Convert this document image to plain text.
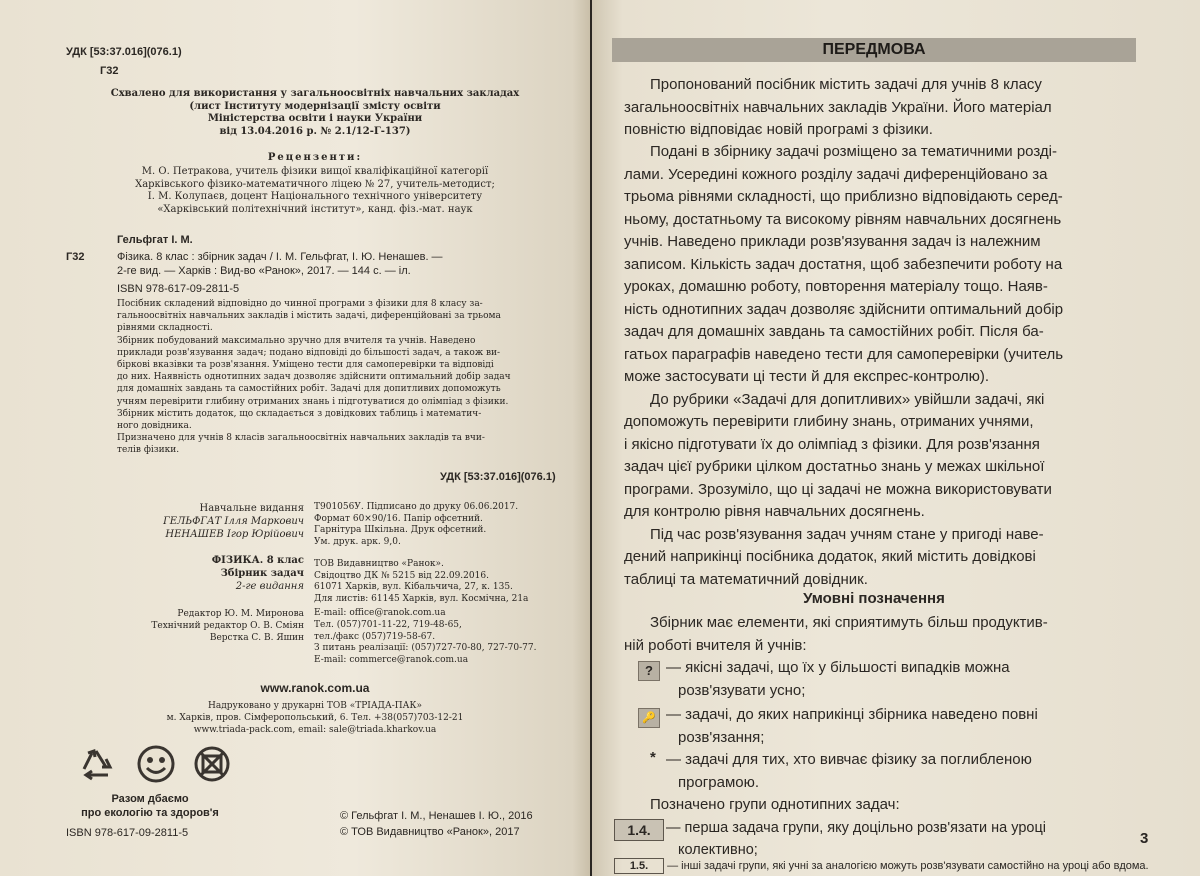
УДК [53:37.016](076.1)
Г32
Схвалено для використання у загальноосвітніх навчальних закладах
(лист Інституту модернізації змісту освіти
Міністерства освіти і науки України
від 13.04.2016 р. № 2.1/12-Г-137)
Рецензенти:
М. О. Петракова, учитель фізики вищої кваліфікаційної категорії
Харківського фізико-математичного ліцею № 27, учитель-методист;
І. М. Колупаєв, доцент Національного технічного університету
«Харківський політехнічний інститут», канд. фіз.-мат. наук
Гельфгат І. М.
Г32	Фізика. 8 клас : збірник задач / І. М. Гельфгат, І. Ю. Ненашев. —
2-ге вид. — Харків : Вид-во «Ранок», 2017. — 144 с. — іл.
ISBN 978-617-09-2811-5
Посібник складений відповідно до чинної програми з фізики для 8 класу за-
гальноосвітніх навчальних закладів і містить задачі, диференційовані за трьома
рівнями складності.
Збірник побудований максимально зручно для вчителя та учнів. Наведено
приклади розв'язування задач; подано відповіді до більшості задач, а також ви-
біркові вказівки та розв'язання. Уміщено тести для самоперевірки та відповіді
до них. Наявність однотипних задач дозволяє здійснити оптимальний добір задач
для домашніх завдань та самостійних робіт. Задачі для допитливих допоможуть
учням перевірити глибину отриманих знань і підготуватися до олімпіад з фізики.
Збірник містить додаток, що складається з довідкових таблиць і математич-
ного довідника.
Призначено для учнів 8 класів загальноосвітніх навчальних закладів та вчи-
телів фізики.
УДК [53:37.016](076.1)
Навчальне видання
ГЕЛЬФГАТ Ілля Маркович
НЕНАШЕВ Ігор Юрійович
ФІЗИКА. 8 клас
Збірник задач
2-ге видання
Т901056У. Підписано до друку 06.06.2017.
Формат 60×90/16. Папір офсетний.
Гарнітура Шкільна. Друк офсетний.
Ум. друк. арк. 9,0.
ТОВ Видавництво «Ранок».
Свідоцтво ДК № 5215 від 22.09.2016.
61071 Харків, вул. Кібальчича, 27, к. 135.
Для листів: 61145 Харків, вул. Космічна, 21а
Редактор Ю. М. Миронова
Технічний редактор О. В. Сміян
Верстка С. В. Яшин
E-mail: office@ranok.com.ua
Тел. (057)701-11-22, 719-48-65,
тел./факс (057)719-58-67.
З питань реалізації: (057)727-70-80, 727-70-77.
E-mail: commerce@ranok.com.ua
www.ranok.com.ua
Надруковано у друкарні ТОВ «ТРІАДА-ПАК»
м. Харків, пров. Сімферопольський, 6. Тел. +38(057)703-12-21
www.triada-pack.com, email: sale@triada.kharkov.ua
Разом дбаємо
про екологію та здоров'я
ISBN 978-617-09-2811-5
© Гельфгат І. М., Ненашев І. Ю., 2016
© ТОВ Видавництво «Ранок», 2017
ПЕРЕДМОВА
Пропонований посібник містить задачі для учнів 8 класу
загальноосвітніх навчальних закладів України. Його матеріал
повністю відповідає новій програмі з фізики.
Подані в збірнику задачі розміщено за тематичними розді-
лами. Усередині кожного розділу задачі диференційовано за
трьома рівнями складності, що приблизно відповідають серед-
ньому, достатньому та високому рівням навчальних досягнень
учнів. Наведено приклади розв'язування задач із належним
записом. Кількість задач достатня, щоб забезпечити роботу на
уроках, домашню роботу, повторення матеріалу тощо. Наяв-
ність однотипних задач дозволяє здійснити оптимальний добір
задач для домашніх завдань та самостійних робіт. Після ба-
гатьох параграфів наведено тести для самоперевірки (учитель
може застосувати ці тести й для експрес-контролю).
До рубрики «Задачі для допитливих» увійшли задачі, які
допоможуть перевірити глибину знань, отриманих учнями,
і якісно підготувати їх до олімпіад з фізики. Для розв'язання
задач цієї рубрики цілком достатньо знань у межах шкільної
програми. Зрозуміло, що ці задачі не можна використовувати
для контролю рівня навчальних досягнень.
Під час розв'язування задач учням стане у пригоді наве-
дений наприкінці посібника додаток, який містить довідкові
таблиці та математичний довідник.
Умовні позначення
Збірник має елементи, які сприятимуть більш продуктив-
ній роботі вчителя й учнів:
? — якісні задачі, що їх у більшості випадків можна
розв'язувати усно;
🔑 — задачі, до яких наприкінці збірника наведено повні
розв'язання;
* — задачі для тих, хто вивчає фізику за поглибленою
програмою.
Позначено групи однотипних задач:
1.4.	— перша задача групи, яку доцільно розв'язати на уроці
колективно;
3
1.5. — інші задачі групи, які учні за аналогією можуть розв'язувати самостійно на уроці або вдома.
